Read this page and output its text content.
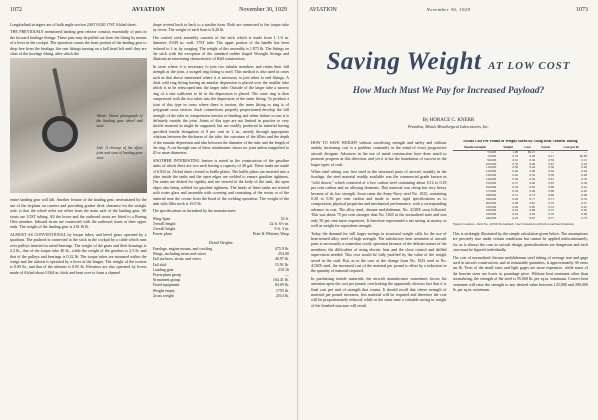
1072	AVIATION	November 30, 1929

Longitudinal stringers are of bulb angle section 24ST 0.020 17ST Alclad sheet.

THE PREVIOUSLY mentioned landing gear release consists essentially of pins in the forward fuselage fittings. These pins may be pulled out from the fitting by means of a lever in the cockpit. The operation causes the front portion of the landing gear to drop free from the fuselage, the rear fittings turning on a ball head felt until they are clear of the fuselage fitting, after which the

Above: Detail photograph of the landing gear wheel and strut.
Left: A closeup of the offset joint and strut of landing gear strut.

entire landing gear will fall. Another feature of the landing gear, necessitated by the use of the airplane on carriers and providing greater deck clearance for the straight axle, is that the wheel axles are offset from the main axle of the landing gear. All struts are 1/2ST tubing. All the lower and the outboard struts are fitted to a Boeing Oleo member. Inboard struts are connected with the outboard struts at their upper ends. The weight of the landing gear is 210.16 lb.

ALMOST AS CONVENTIONAL by torque tubes, and bevel gears operated by a quadrant. The pushrod is connected to the stick in the cockpit by a cable which runs over pulleys inserted in metal bearings. The weight of the gears and their housings is 2.2 lb., that of the torque tube 40 lb., while the weight of the gearbox is 2.5 lb. and that of the pulleys and bearings is 0.22 lb. The torque tubes are mounted within the wings and the aileron is operated by a lever at the hinges. The weight of the torsion is 0.09 lb., and that of the ailerons is 0.05 lb. Elevators are also operated by levers made of Alclad about 0.064 in. thick and bent over to form a channel

shape riveted back to back to a similar form. Both are connected to the torque tube by rivets. The weight of each horn is 0.26 lb.

The control stick assembly consists of the stick which is made from 1 1/4 in. diameter, 0.049 in. wall, 17ST tube. The upper portion of the handle has been reduced to 1 in. by swaging. The weight of this assembly is 1.875 lb. The fittings on the stick with the exception of the standard rudder forged Wrought fittings and illustrate an interesting characteristic of Hall construction.

In cases where it is necessary to join two tubular members and retain their full strength at the joint, a swaged ring fitting is used. This method is also used in cases such as that above mentioned where it is necessary to join tubes to end fittings. A thick wall ring fitting having an annular depression is placed over the smaller tube which is to be telescoped into the larger tube. Outside of the larger tube a narrow ring of a size sufficient to fit in the depression is placed. The outer ring is then compressed with the two tubes into the depression of the inner fitting. To produce a joint of this type in cases where there is torsion, the inner fitting or ring is of polygonal cross section. Such connections properly proportioned develop the full strength of the tube in compression tension or bending and when failure occurs it is definitely outside the joint. Joints of this type are not limited in practice to very ductile material as might be supposed, but are readily produced in material having specified tensile elongation of 8 per cent in 2 in., merely through appropriate relations between the thickness of the tube, the curvature of the fillets and the depth of the annular depression and also between the diameter of the tube and the length of the ring. A cut through one of these attachments shows no joint unless magnified to 20 or more diameters.

ANOTHER INTERESTING feature is noted in the construction of the gasoline tanks of which there are two each having a capacity of 40 gal. These tanks are made of 0.032 in. Alclad sheet riveted to baffle plates. The baffle plates are inserted into a plate inside the tanks and the open edges are welded to ensure gasoline tightness. The tanks are dished for rigidity and are stowed to the body of the tank, the open edges also being welded for gasoline tightness. The heads of these tanks are riveted with water glass and assemble with covering and consisting of the resins or of the material near the crown from the head of the welding operation. The weight of the tank with filler neck is 16.9 lb.

The specifications as furnished by the manufacturer:

Wing Span	33 ft.
Overall length	22 ft. 6½ in.
Overall height	9 ft. 3 in.
Power plant	Pratt & Whitney Wasp
Detail Weights
Fuselage, engine mount, and cowling	475.9 lb.
Wings, including struts and wires	254.00
Tail surfaces, struts, and wires	40.97 lb.
Tail skid	15.91 lb.
Landing gear	210.16
Powerplant group	—
Armament group	164.41 lb.
Fixed equipment	84.09 lb.
Weight empty	1755 lb.
Gross weight	2514 lb.
AVIATION	November 30, 1929	1073
Saving Weight AT LOW COST
How Much Must We Pay for Increased Payload?
By HORACE C. KNERR
President, Metals Metallurgical Laboratories, Inc.

HOW TO SAVE WEIGHT without sacrificing strength and safety and without unduly increasing cost is a problem constantly in the mind of every progressive aircraft designer. Advances in the use of metal construction have done much to promote progress in this direction, and yet it is but the foundation of success in the larger types of craft.

When steel tubing was first used in the structural parts of aircraft, notably in the fuselage, the steel material readily available was the commercial grade known as "cold drawn," which consisted of a low carbon steel containing about 0.12 to 0.18 per cent carbon and no alloying elements. This material was cheap but very heavy because of its low strength. Soon came the Army-Navy steel No. 1025, containing 0.20 to 0.30 per cent carbon and made to more rigid specifications as to composition, physical properties and mechanical performance, with a corresponding advance in cost. The alloy steel, chrome molybdenum, No. 4130X soon followed. This was about 75 per cent stronger than No. 1025 in the normalized state and was only 50 per cent more expensive. It therefore represented a net saving in money as well as weight for equivalent strength.

Today the demand for still larger savings in structural weight calls for the use of heat-treated alloy steel of high strength. The satisfactory heat treatment of aircraft parts is necessarily a somewhat costly operation because of the delicate nature of the members, the difficulties of using electric heat and the close control and skilled supervision needed. This cost would be fully justified by the value of the weight saved in the craft. But, as in the case of the change from No. 1025 steel to No. 4130X steel, the increased cost of the material per pound is offset by a reduction in the quantity of material required.

In purchasing tensile materials, the aircraft manufacturer sometimes favors his attention upon the cost per pound, overlooking the apparently obvious fact that it is final cost per unit of strength that counts. It should recall that where strength of material per pound increases, less material will be required and therefore the cost will be proportionately reduced, while at the same time a valuable saving in weight of the finished structure will result.

Actual Cost Per Pound of Weight Saved by Using Heat-Treated Tubing
Tensile Strength	Weight	Cost	Saved	Cost per lb.
55,000	1.00	$0.21	—	—
70,000	0.79	0.28	0.21	$0.09
90,000	0.61	0.36	0.39	0.13
100,000	0.55	0.40	0.45	0.16
110,000	0.50	0.44	0.50	0.20
120,000	0.46	0.48	0.54	0.24
130,000	0.42	0.52	0.58	0.28
140,000	0.39	0.56	0.61	0.32
150,000	0.37	0.60	0.63	0.36
160,000	0.34	0.65	0.66	0.41
170,000	0.32	0.69	0.68	0.45
180,000	0.31	0.73	0.69	0.49
190,000	0.29	0.77	0.71	0.53
200,000	0.28	0.81	0.72	0.57
210,000	0.26	0.85	0.74	0.61
220,000	0.25	0.89	0.75	0.65
230,000	0.24	0.93	0.76	0.69
240,000	0.23	0.97	0.77	0.73
Figures in above—Steel No. 4130X Normalized. Cost is based on mill price and heat treatment.

This is strikingly illustrated by the simple calculation given below. The assumptions are precisely true under certain conditions but cannot be applied indiscriminately, for, as is always the case in aircraft design, generalizations are dangerous and each case must be figured individually.

The cost of normalized chrome molybdenum steel tubing of average size and gage used in aircraft construction, and in reasonable quantities, is approximately 30 cents per lb. Tests of the small sizes and light gages are more expensive, while some of the heavier sizes are lower in poundage price. Without heat treatment other than normalizing, the strength of the steel is 95,000 lb. per sq.in. minimum. Correct heat treatment will raise the strength to any desired value between 125,000 and 200,000 lb. per sq.in. minimum.
